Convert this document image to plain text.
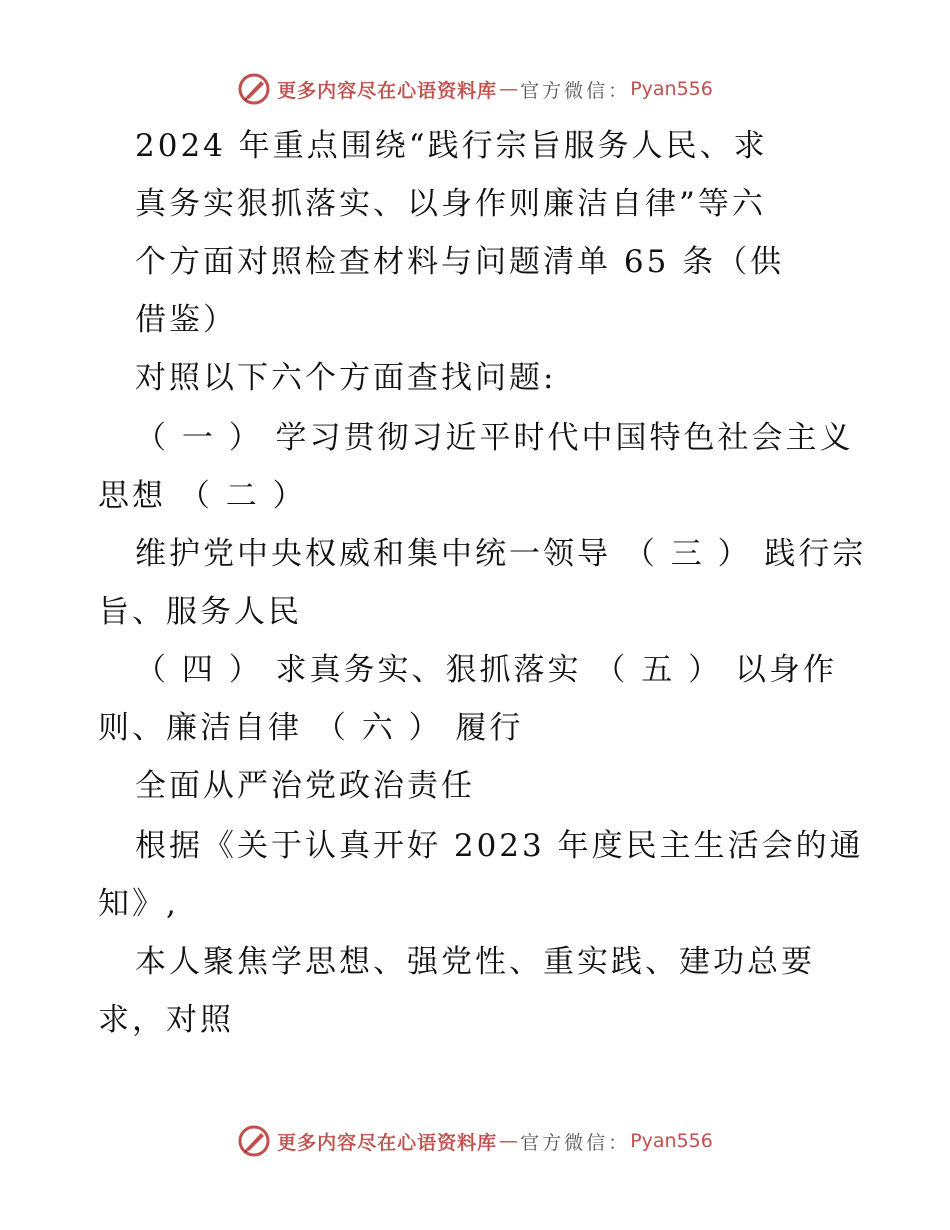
更多内容尽在心语资料库 — 官方微信： Pyan556
2024 年重点围绕“践行宗旨服务人民、求
真务实狠抓落实、以身作则廉洁自律”等六
个方面对照检查材料与问题清单 65 条（供
借鉴）
对照以下六个方面查找问题:
（ 一 ） 学习贯彻习近平时代中国特色社会主义
思想 （ 二 ）
维护党中央权威和集中统一领导 （ 三 ） 践行宗
旨、服务人民
（ 四 ） 求真务实、狠抓落实 （ 五 ） 以身作
则、廉洁自律 （ 六 ） 履行
全面从严治党政治责任
根据《关于认真开好 2023 年度民主生活会的通
知》,
本人聚焦学思想、强党性、重实践、建功总要
求，对照
更多内容尽在心语资料库 — 官方微信： Pyan556
